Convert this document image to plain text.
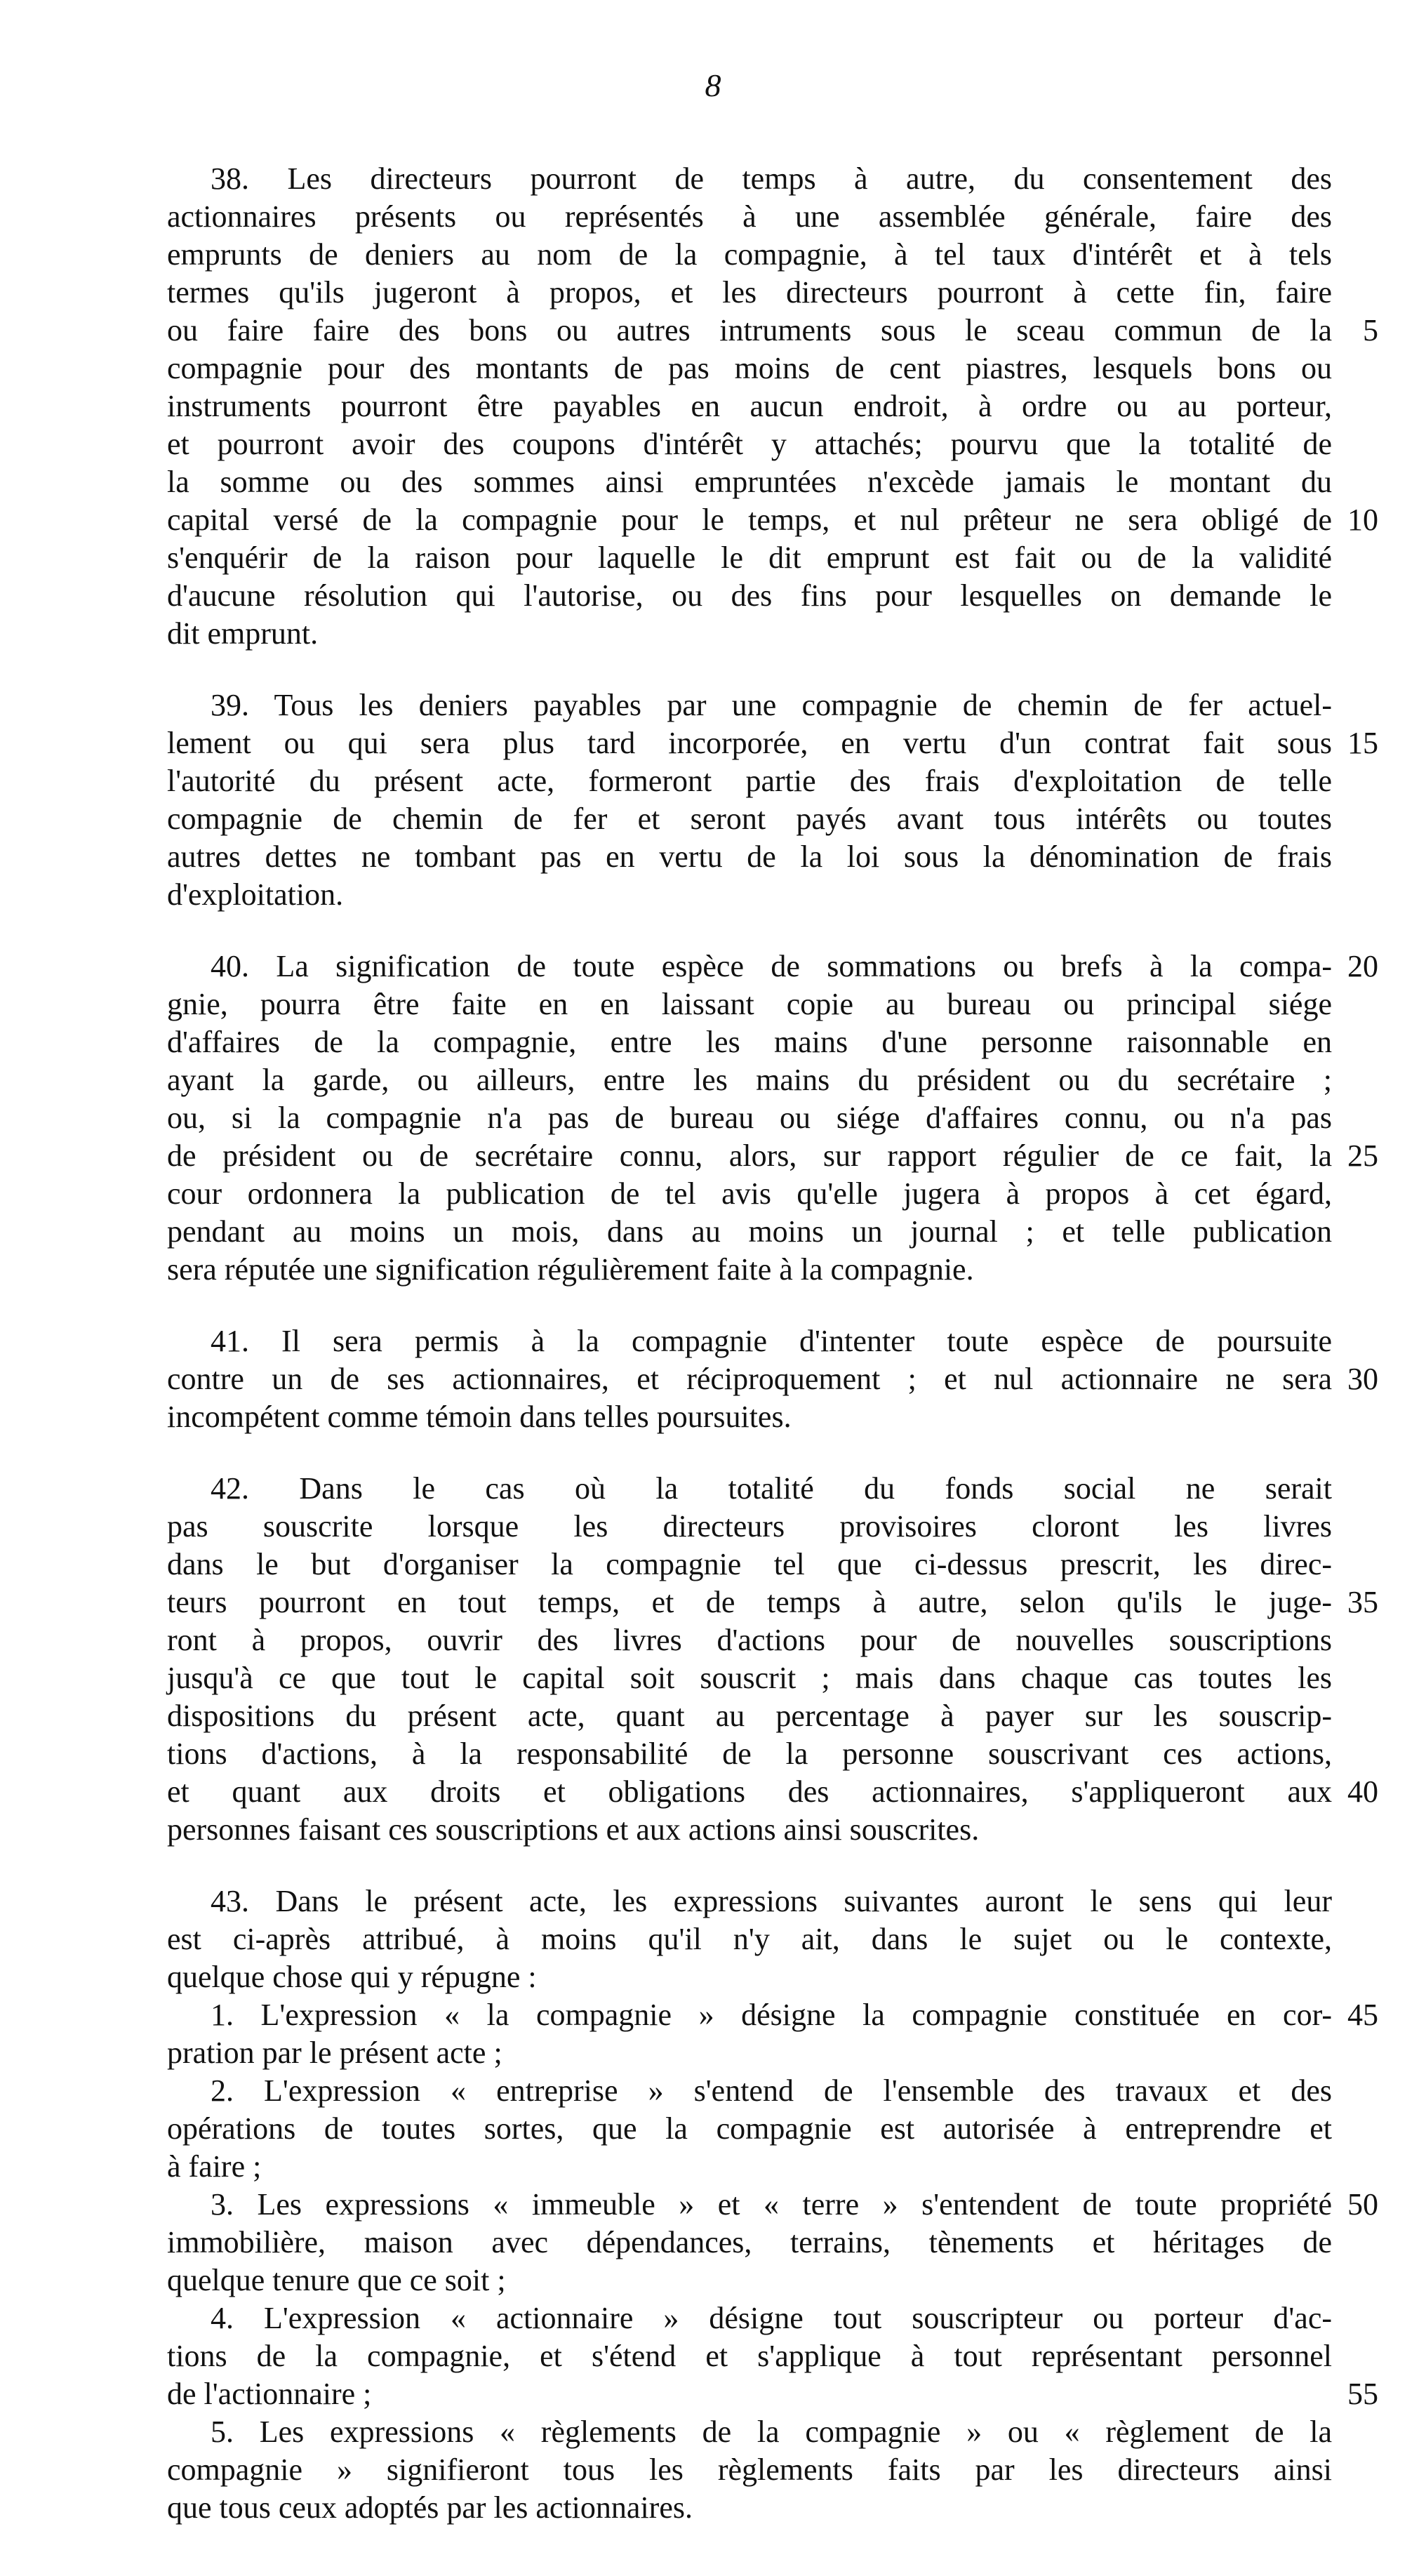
8
38. Les directeurs pourront de temps à autre, du consentement des
actionnaires présents ou représentés à une assemblée générale, faire des
emprunts de deniers au nom de la compagnie, à tel taux d'intérêt et à tels
termes qu'ils jugeront à propos, et les directeurs pourront à cette fin, faire
ou faire faire des bons ou autres intruments sous le sceau commun de la
compagnie pour des montants de pas moins de cent piastres, lesquels bons ou
instruments pourront être payables en aucun endroit, à ordre ou au porteur,
et pourront avoir des coupons d'intérêt y attachés; pourvu que la totalité de
la somme ou des sommes ainsi empruntées n'excède jamais le montant du
capital versé de la compagnie pour le temps, et nul prêteur ne sera obligé de
s'enquérir de la raison pour laquelle le dit emprunt est fait ou de la validité
d'aucune résolution qui l'autorise, ou des fins pour lesquelles on demande le
dit emprunt.
39. Tous les deniers payables par une compagnie de chemin de fer actuel-
lement ou qui sera plus tard incorporée, en vertu d'un contrat fait sous
l'autorité du présent acte, formeront partie des frais d'exploitation de telle
compagnie de chemin de fer et seront payés avant tous intérêts ou toutes
autres dettes ne tombant pas en vertu de la loi sous la dénomination de frais
d'exploitation.
40. La signification de toute espèce de sommations ou brefs à la compa-
gnie, pourra être faite en en laissant copie au bureau ou principal siége
d'affaires de la compagnie, entre les mains d'une personne raisonnable en
ayant la garde, ou ailleurs, entre les mains du président ou du secrétaire ;
ou, si la compagnie n'a pas de bureau ou siége d'affaires connu, ou n'a pas
de président ou de secrétaire connu, alors, sur rapport régulier de ce fait, la
cour ordonnera la publication de tel avis qu'elle jugera à propos à cet égard,
pendant au moins un mois, dans au moins un journal ; et telle publication
sera réputée une signification régulièrement faite à la compagnie.
41. Il sera permis à la compagnie d'intenter toute espèce de poursuite
contre un de ses actionnaires, et réciproquement ; et nul actionnaire ne sera
incompétent comme témoin dans telles poursuites.
42. Dans le cas où la totalité du fonds social ne serait
pas souscrite lorsque les directeurs provisoires cloront les livres
dans le but d'organiser la compagnie tel que ci-dessus prescrit, les direc-
teurs pourront en tout temps, et de temps à autre, selon qu'ils le juge-
ront à propos, ouvrir des livres d'actions pour de nouvelles souscriptions
jusqu'à ce que tout le capital soit souscrit ; mais dans chaque cas toutes les
dispositions du présent acte, quant au percentage à payer sur les souscrip-
tions d'actions, à la responsabilité de la personne souscrivant ces actions,
et quant aux droits et obligations des actionnaires, s'appliqueront aux
personnes faisant ces souscriptions et aux actions ainsi souscrites.
43. Dans le présent acte, les expressions suivantes auront le sens qui leur
est ci-après attribué, à moins qu'il n'y ait, dans le sujet ou le contexte,
quelque chose qui y répugne :
1. L'expression « la compagnie » désigne la compagnie constituée en cor-
pration par le présent acte ;
2. L'expression « entreprise » s'entend de l'ensemble des travaux et des
opérations de toutes sortes, que la compagnie est autorisée à entreprendre et
à faire ;
3. Les expressions « immeuble » et « terre » s'entendent de toute propriété
immobilière, maison avec dépendances, terrains, tènements et héritages de
quelque tenure que ce soit ;
4. L'expression « actionnaire » désigne tout souscripteur ou porteur d'ac-
tions de la compagnie, et s'étend et s'applique à tout représentant personnel
de l'actionnaire ;
5. Les expressions « règlements de la compagnie » ou « règlement de la
compagnie » signifieront tous les règlements faits par les directeurs ainsi
que tous ceux adoptés par les actionnaires.
5
10
15
20
25
30
35
40
45
50
55
